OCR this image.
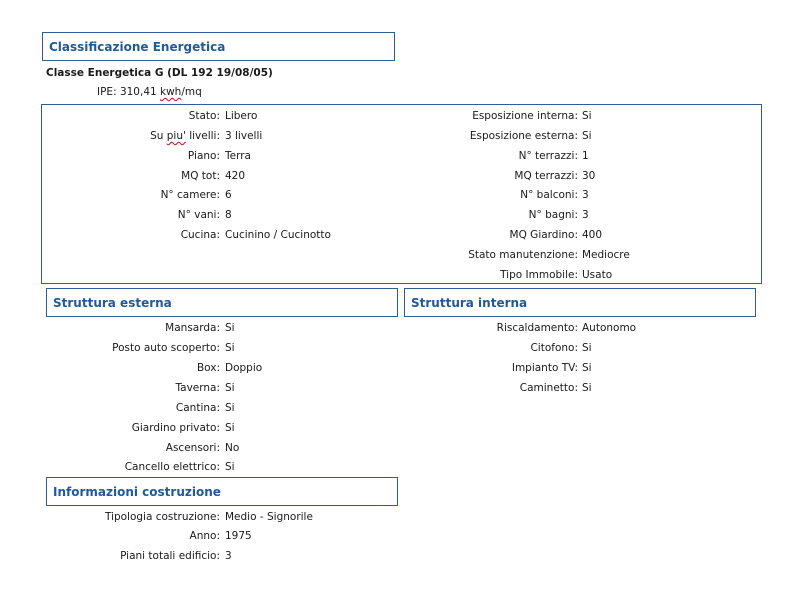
Classificazione Energetica
Classe Energetica G (DL 192 19/08/05)
IPE: 310,41 kwh/mq
Stato: Libero
Su piu' livelli: 3 livelli
Piano: Terra
MQ tot: 420
N° camere: 6
N° vani: 8
Cucina: Cucinino / Cucinotto
Esposizione interna: Si
Esposizione esterna: Si
N° terrazzi: 1
MQ terrazzi: 30
N° balconi: 3
N° bagni: 3
MQ Giardino: 400
Stato manutenzione: Mediocre
Tipo Immobile: Usato
Struttura esterna	Struttura interna
Mansarda: Si
Posto auto scoperto: Si
Box: Doppio
Taverna: Si
Cantina: Si
Giardino privato: Si
Ascensori: No
Cancello elettrico: Si
Riscaldamento: Autonomo
Citofono: Si
Impianto TV: Si
Caminetto: Si
Informazioni costruzione
Tipologia costruzione: Medio - Signorile
Anno: 1975
Piani totali edificio: 3
